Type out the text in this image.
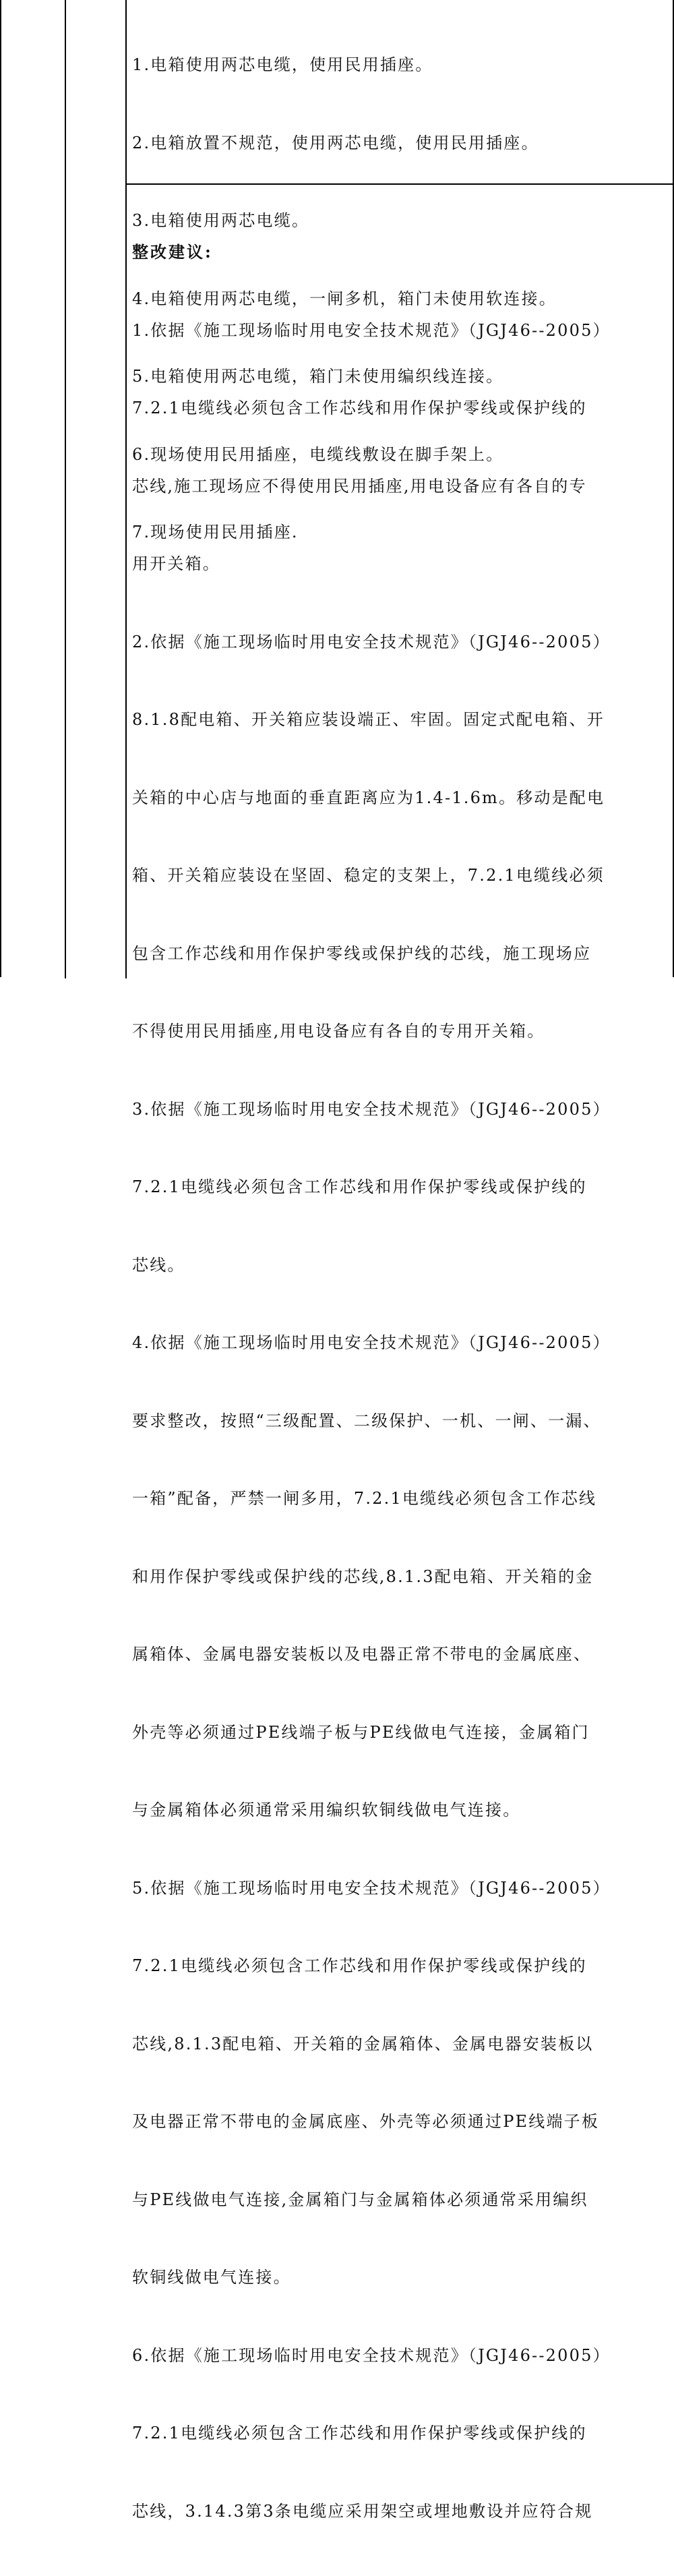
1.电箱使用两芯电缆，使用民用插座。

2.电箱放置不规范，使用两芯电缆，使用民用插座。

3.电箱使用两芯电缆。

4.电箱使用两芯电缆，一闸多机，箱门未使用软连接。

5.电箱使用两芯电缆，箱门未使用编织线连接。

6.现场使用民用插座，电缆线敷设在脚手架上。

7.现场使用民用插座.

整改建议:

1.依据《施工现场临时用电安全技术规范》（JGJ46--2005）

7.2.1电缆线必须包含工作芯线和用作保护零线或保护线的

芯线,施工现场应不得使用民用插座,用电设备应有各自的专

用开关箱。

2.依据《施工现场临时用电安全技术规范》（JGJ46--2005）

8.1.8配电箱、开关箱应装设端正、牢固。固定式配电箱、开

关箱的中心店与地面的垂直距离应为1.4-1.6m。移动是配电

箱、开关箱应装设在坚固、稳定的支架上，7.2.1电缆线必须

包含工作芯线和用作保护零线或保护线的芯线，施工现场应

不得使用民用插座,用电设备应有各自的专用开关箱。

3.依据《施工现场临时用电安全技术规范》（JGJ46--2005）

7.2.1电缆线必须包含工作芯线和用作保护零线或保护线的

芯线。

4.依据《施工现场临时用电安全技术规范》（JGJ46--2005）

要求整改，按照“三级配置、二级保护、一机、一闸、一漏、

一箱”配备，严禁一闸多用，7.2.1电缆线必须包含工作芯线

和用作保护零线或保护线的芯线,8.1.3配电箱、开关箱的金

属箱体、金属电器安装板以及电器正常不带电的金属底座、

外壳等必须通过PE线端子板与PE线做电气连接，金属箱门

与金属箱体必须通常采用编织软铜线做电气连接。

5.依据《施工现场临时用电安全技术规范》（JGJ46--2005）

7.2.1电缆线必须包含工作芯线和用作保护零线或保护线的

芯线,8.1.3配电箱、开关箱的金属箱体、金属电器安装板以

及电器正常不带电的金属底座、外壳等必须通过PE线端子板

与PE线做电气连接,金属箱门与金属箱体必须通常采用编织

软铜线做电气连接。

6.依据《施工现场临时用电安全技术规范》（JGJ46--2005）

7.2.1电缆线必须包含工作芯线和用作保护零线或保护线的

芯线，3.14.3第3条电缆应采用架空或埋地敷设并应符合规
